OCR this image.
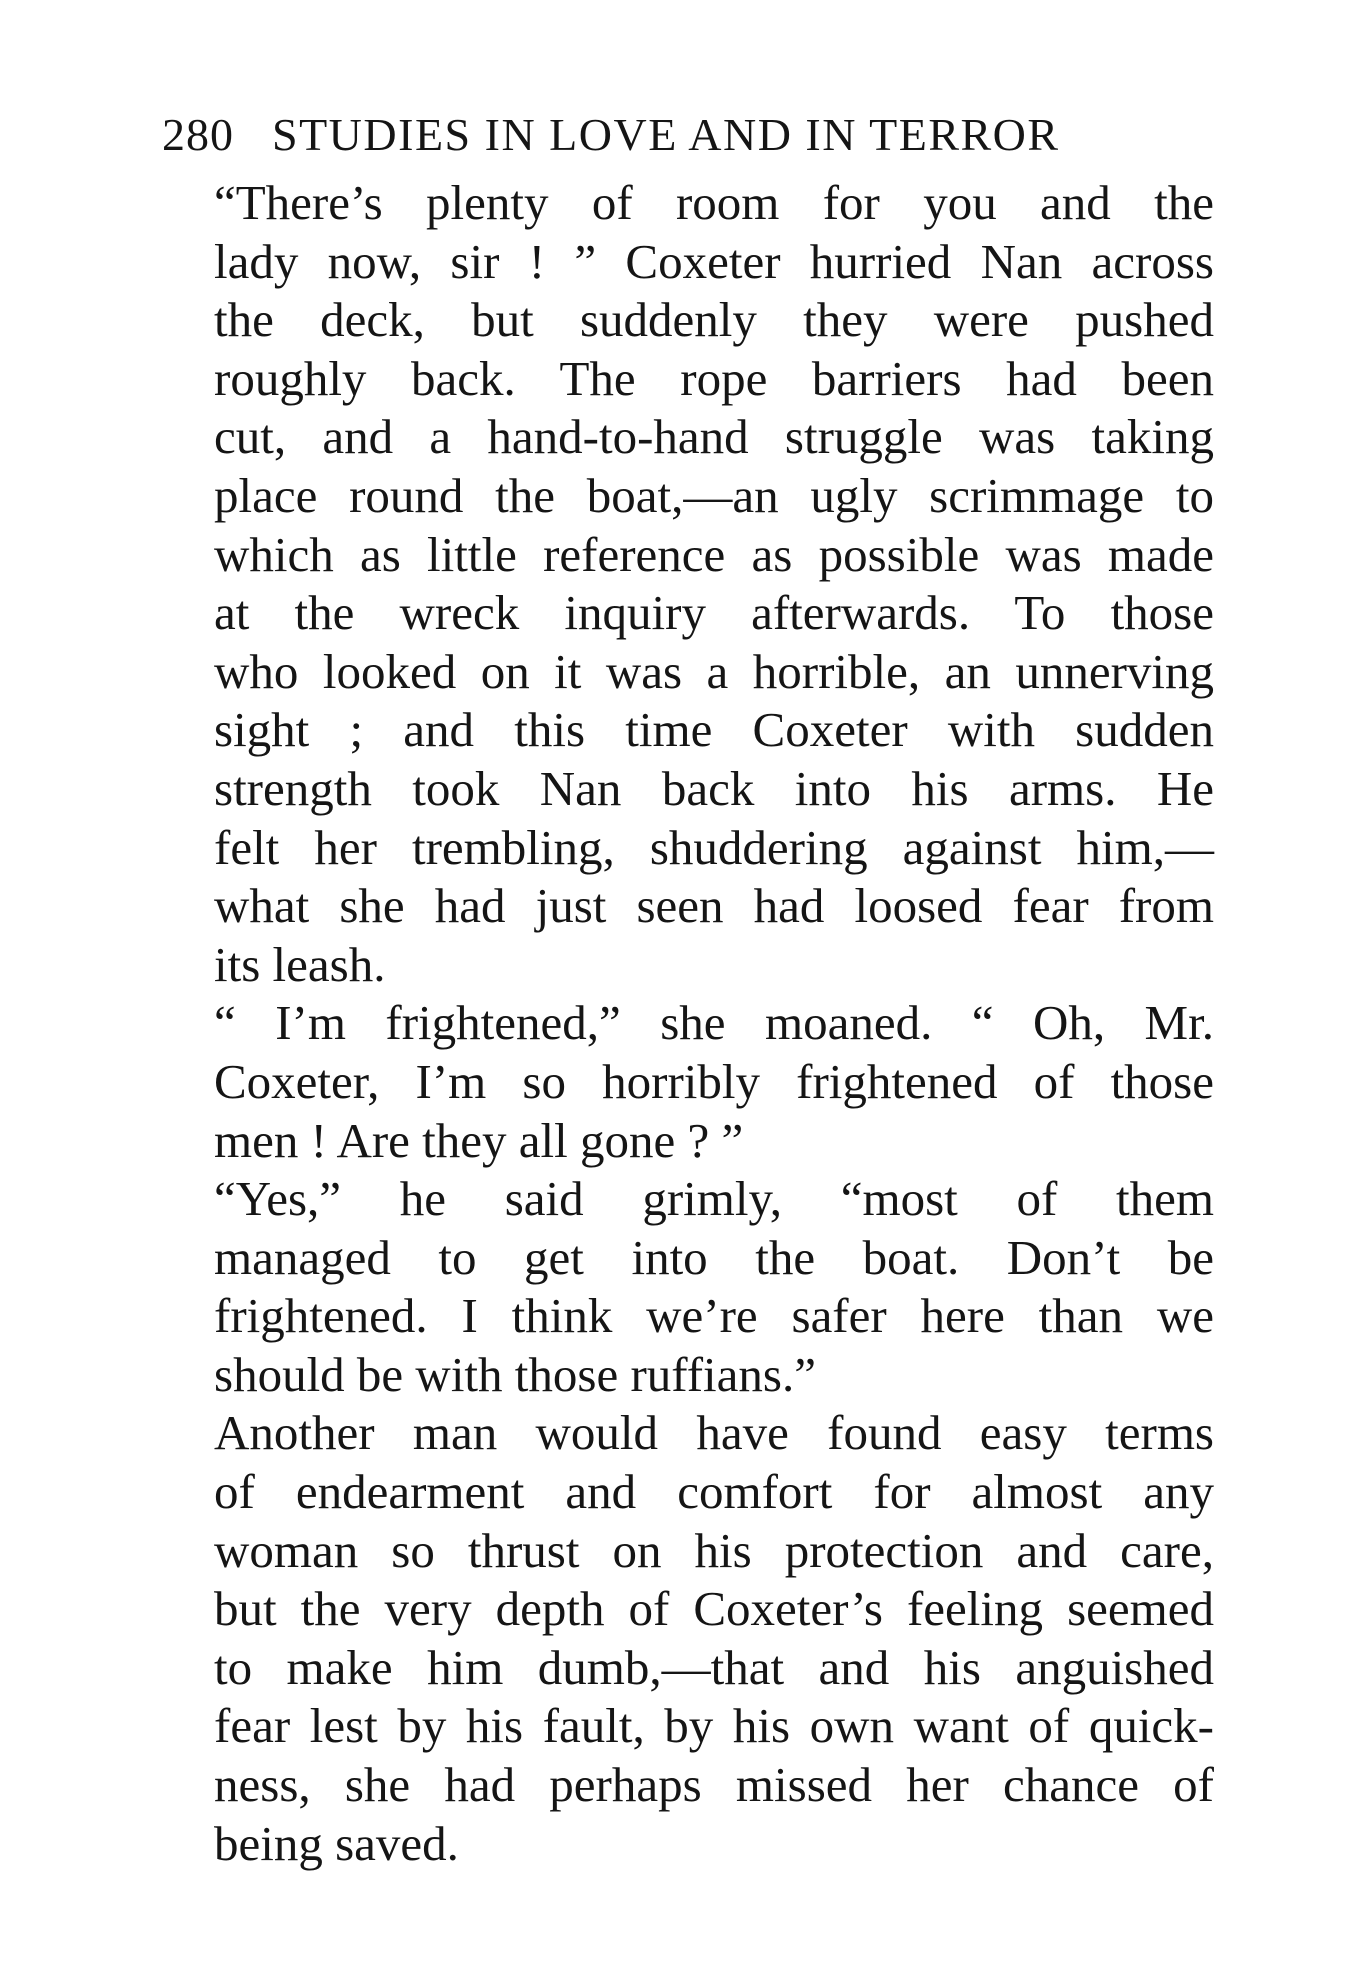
280 STUDIES IN LOVE AND IN TERROR
“There’s plenty of room for you and the
lady now, sir ! ” Coxeter hurried Nan across
the deck, but suddenly they were pushed
roughly back. The rope barriers had been
cut, and a hand-to-hand struggle was taking
place round the boat,—an ugly scrimmage to
which as little reference as possible was made
at the wreck inquiry afterwards. To those
who looked on it was a horrible, an unnerving
sight ; and this time Coxeter with sudden
strength took Nan back into his arms. He
felt her trembling, shuddering against him,—
what she had just seen had loosed fear from
its leash.
“ I’m frightened,” she moaned. “ Oh, Mr.
Coxeter, I’m so horribly frightened of those
men ! Are they all gone ? ”
“Yes,” he said grimly, “most of them
managed to get into the boat. Don’t be
frightened. I think we’re safer here than we
should be with those ruffians.”
Another man would have found easy terms
of endearment and comfort for almost any
woman so thrust on his protection and care,
but the very depth of Coxeter’s feeling seemed
to make him dumb,—that and his anguished
fear lest by his fault, by his own want of quick-
ness, she had perhaps missed her chance of
being saved.
